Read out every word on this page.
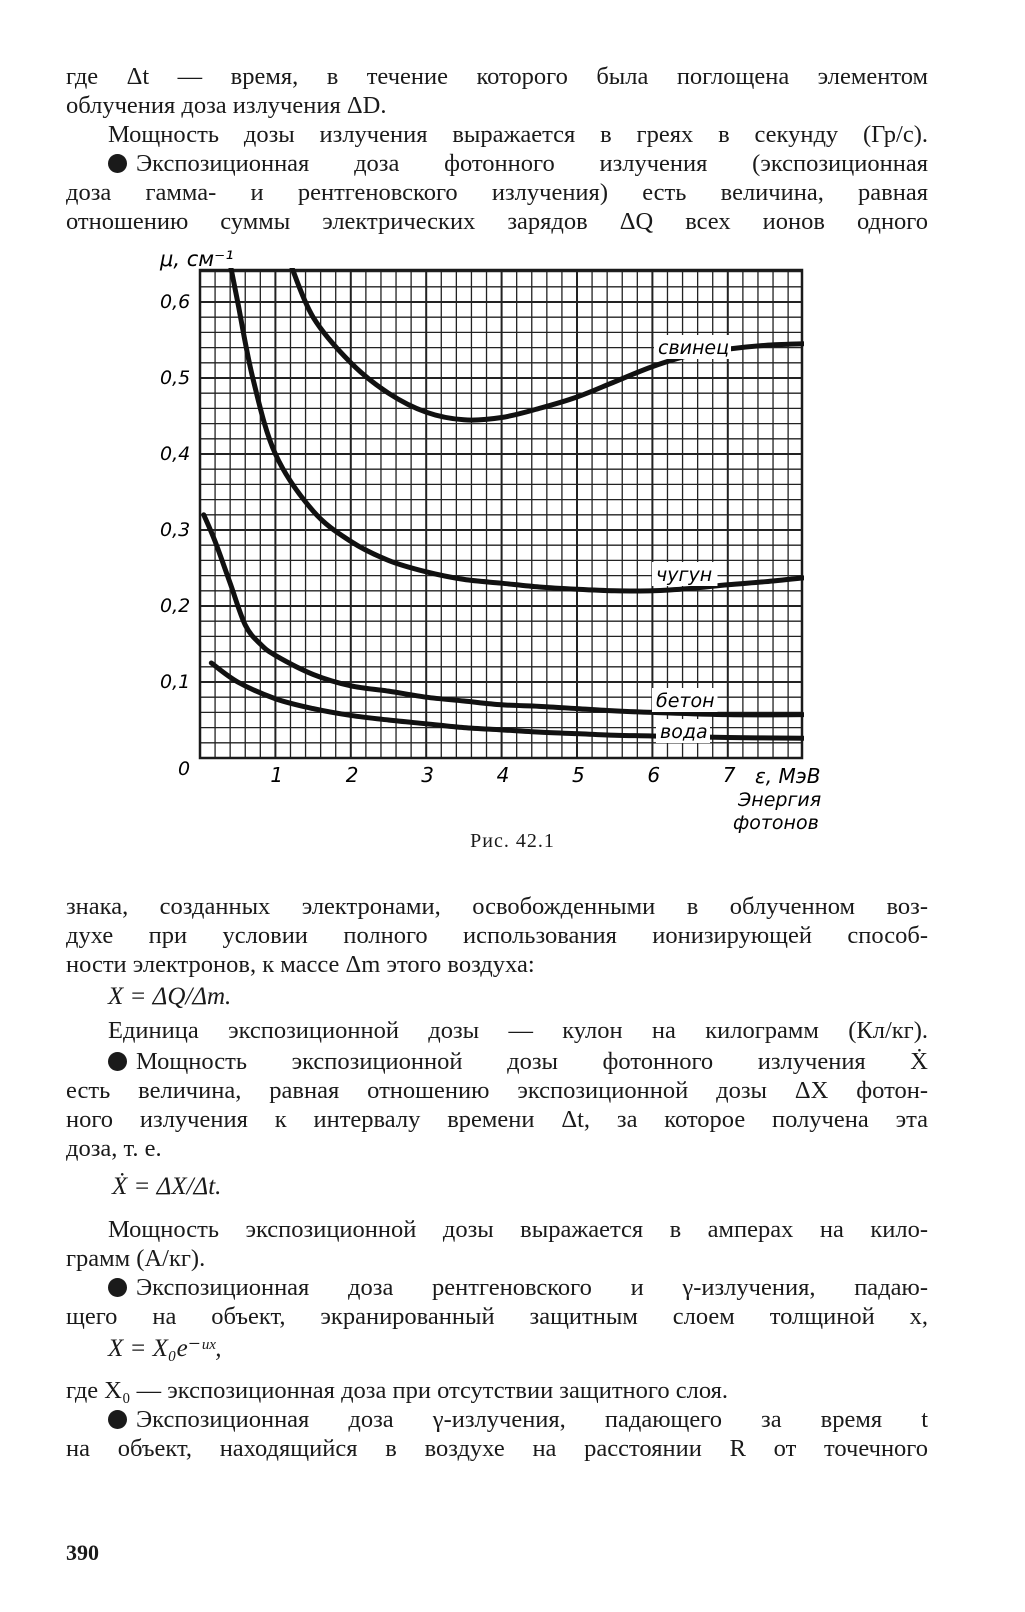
где Δt — время, в течение которого была поглощена элементом
облучения доза излучения ΔD.
Мощность дозы излучения выражается в греях в секунду (Гр/с).
Экспозиционная доза фотонного излучения (экспозиционная
доза гамма- и рентгеновского излучения) есть величина, равная
отношению суммы электрических зарядов ΔQ всех ионов одного
свинец
чугун
бетон
вода
1	2	3	4	5	6	7
0,1
0,2
0,3
0,4
0,5
0,6
μ, см⁻¹
0	ε, МэВ
Энергия
фотонов
Рис. 42.1
знака, созданных электронами, освобожденными в облученном воз-
духе при условии полного использования ионизирующей способ-
ности электронов, к массе Δm этого воздуха:
X = ΔQ/Δm.
Единица экспозиционной дозы — кулон на килограмм (Кл/кг).
Мощность экспозиционной дозы фотонного излучения Ẋ
есть величина, равная отношению экспозиционной дозы ΔX фотон-
ного излучения к интервалу времени Δt, за которое получена эта
доза, т. е.
Ẋ = ΔX/Δt.
Мощность экспозиционной дозы выражается в амперах на кило-
грамм (А/кг).
Экспозиционная доза рентгеновского и γ-излучения, падаю-
щего на объект, экранированный защитным слоем толщиной x,
X = X₀e⁻ᵘˣ,
где X₀ — экспозиционная доза при отсутствии защитного слоя.
Экспозиционная доза γ-излучения, падающего за время t
на объект, находящийся в воздухе на расстоянии R от точечного
390
